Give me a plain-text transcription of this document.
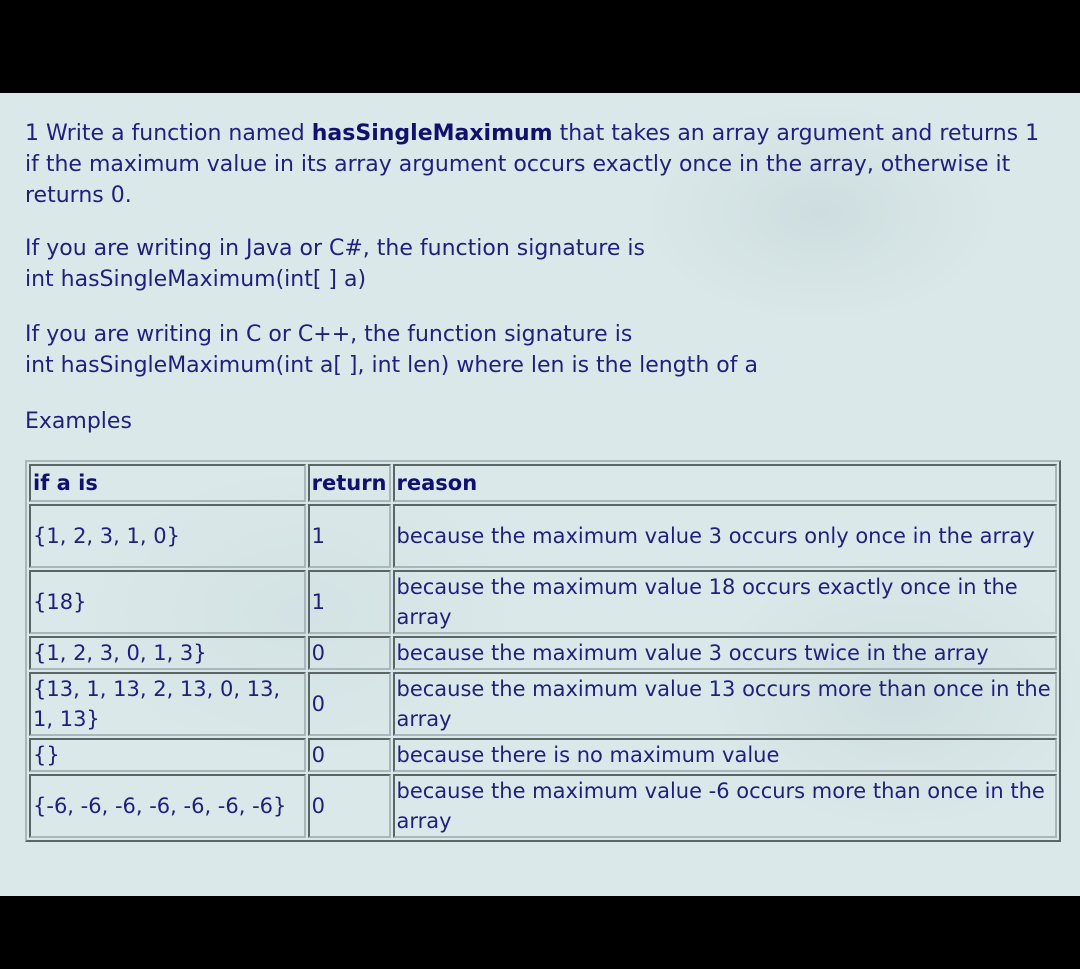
1 Write a function named hasSingleMaximum that takes an array argument and returns 1
if the maximum value in its array argument occurs exactly once in the array, otherwise it
returns 0.
If you are writing in Java or C#, the function signature is
int hasSingleMaximum(int[ ] a)
If you are writing in C or C++, the function signature is
int hasSingleMaximum(int a[ ], int len) where len is the length of a
Examples
if a is	return	reason
{1, 2, 3, 1, 0}	1	because the maximum value 3 occurs only once in the array
{18}	1	because the maximum value 18 occurs exactly once in the array
{1, 2, 3, 0, 1, 3}	0	because the maximum value 3 occurs twice in the array
{13, 1, 13, 2, 13, 0, 13, 1, 13}	0	because the maximum value 13 occurs more than once in the array
{}	0	because there is no maximum value
{-6, -6, -6, -6, -6, -6, -6}	0	because the maximum value -6 occurs more than once in the array
